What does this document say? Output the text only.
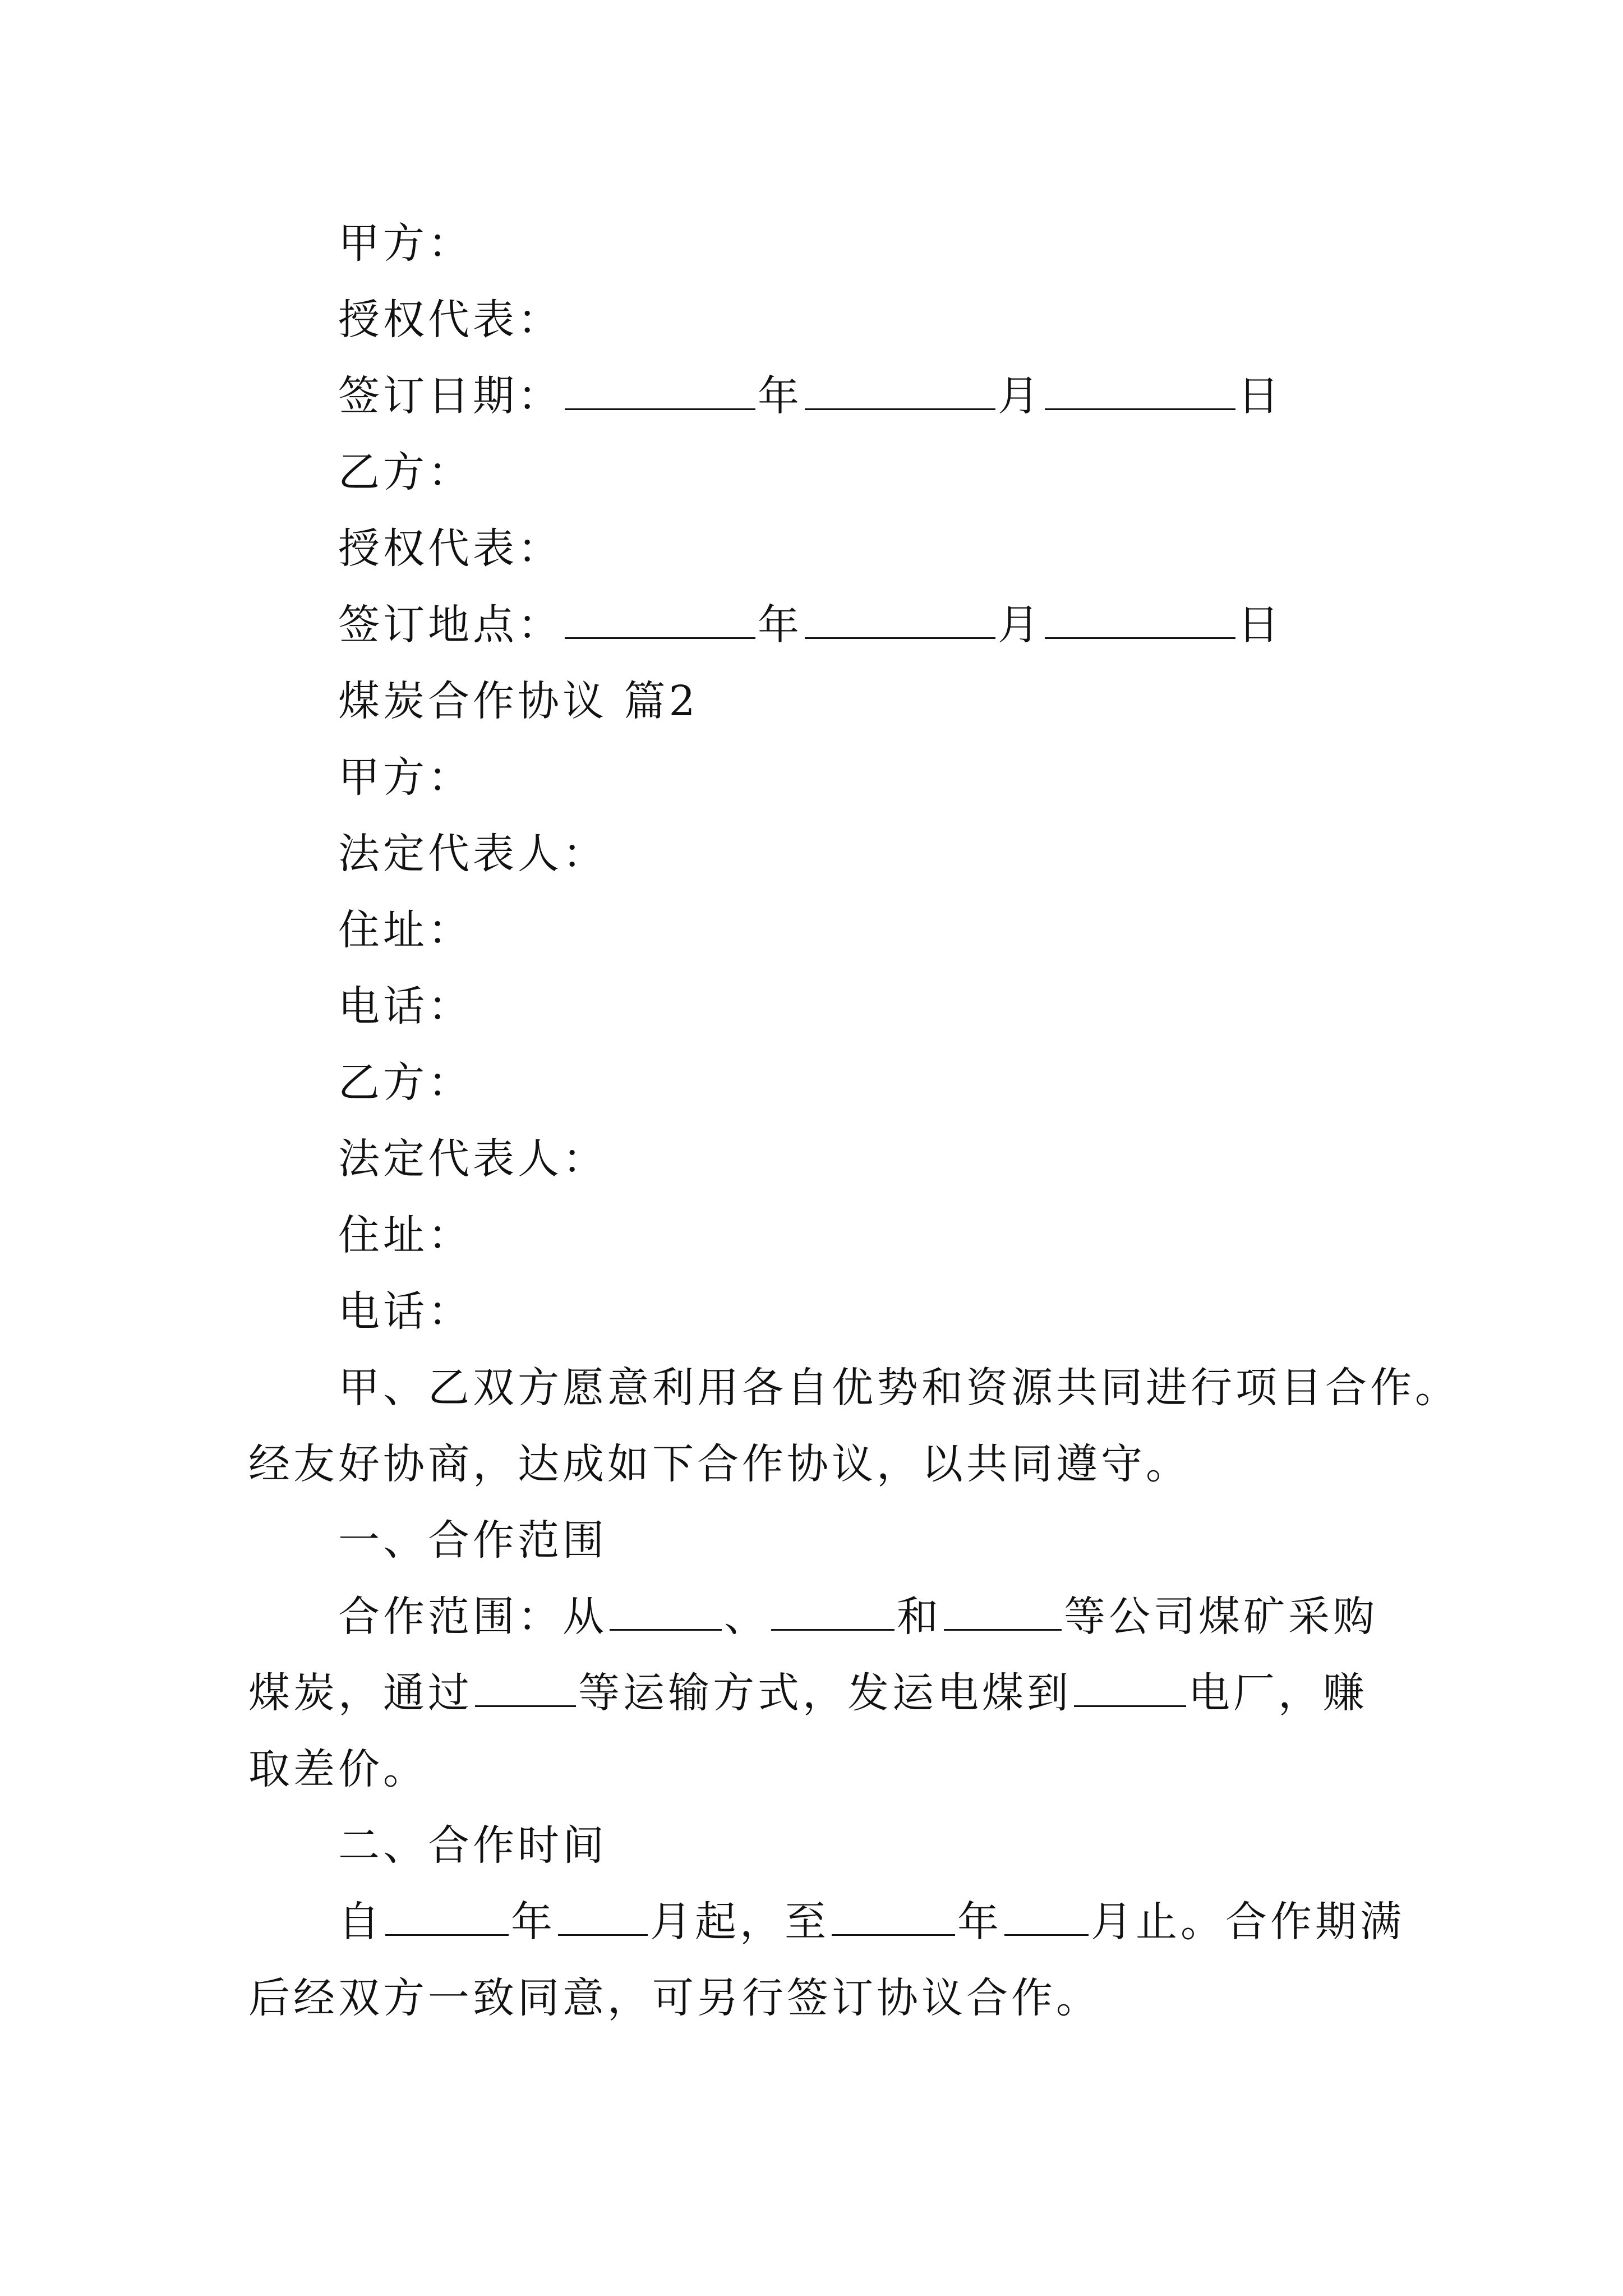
甲方：
授权代表：
签订日期：	年	月	日
乙方：
授权代表：
签订地点：	年	月	日
煤炭合作协议 篇2
甲方：
法定代表人：
住址：
电话：
乙方：
法定代表人：
住址：
电话：
甲、乙双方愿意利用各自优势和资源共同进行项目合作。
经友好协商，达成如下合作协议，以共同遵守。
一、合作范围
合作范围：从	、	和	等公司煤矿采购
煤炭，通过	等运输方式，发运电煤到	电厂，赚
取差价。
二、合作时间
自	年 月起，至	年 月止。合作期满
后经双方一致同意，可另行签订协议合作。
